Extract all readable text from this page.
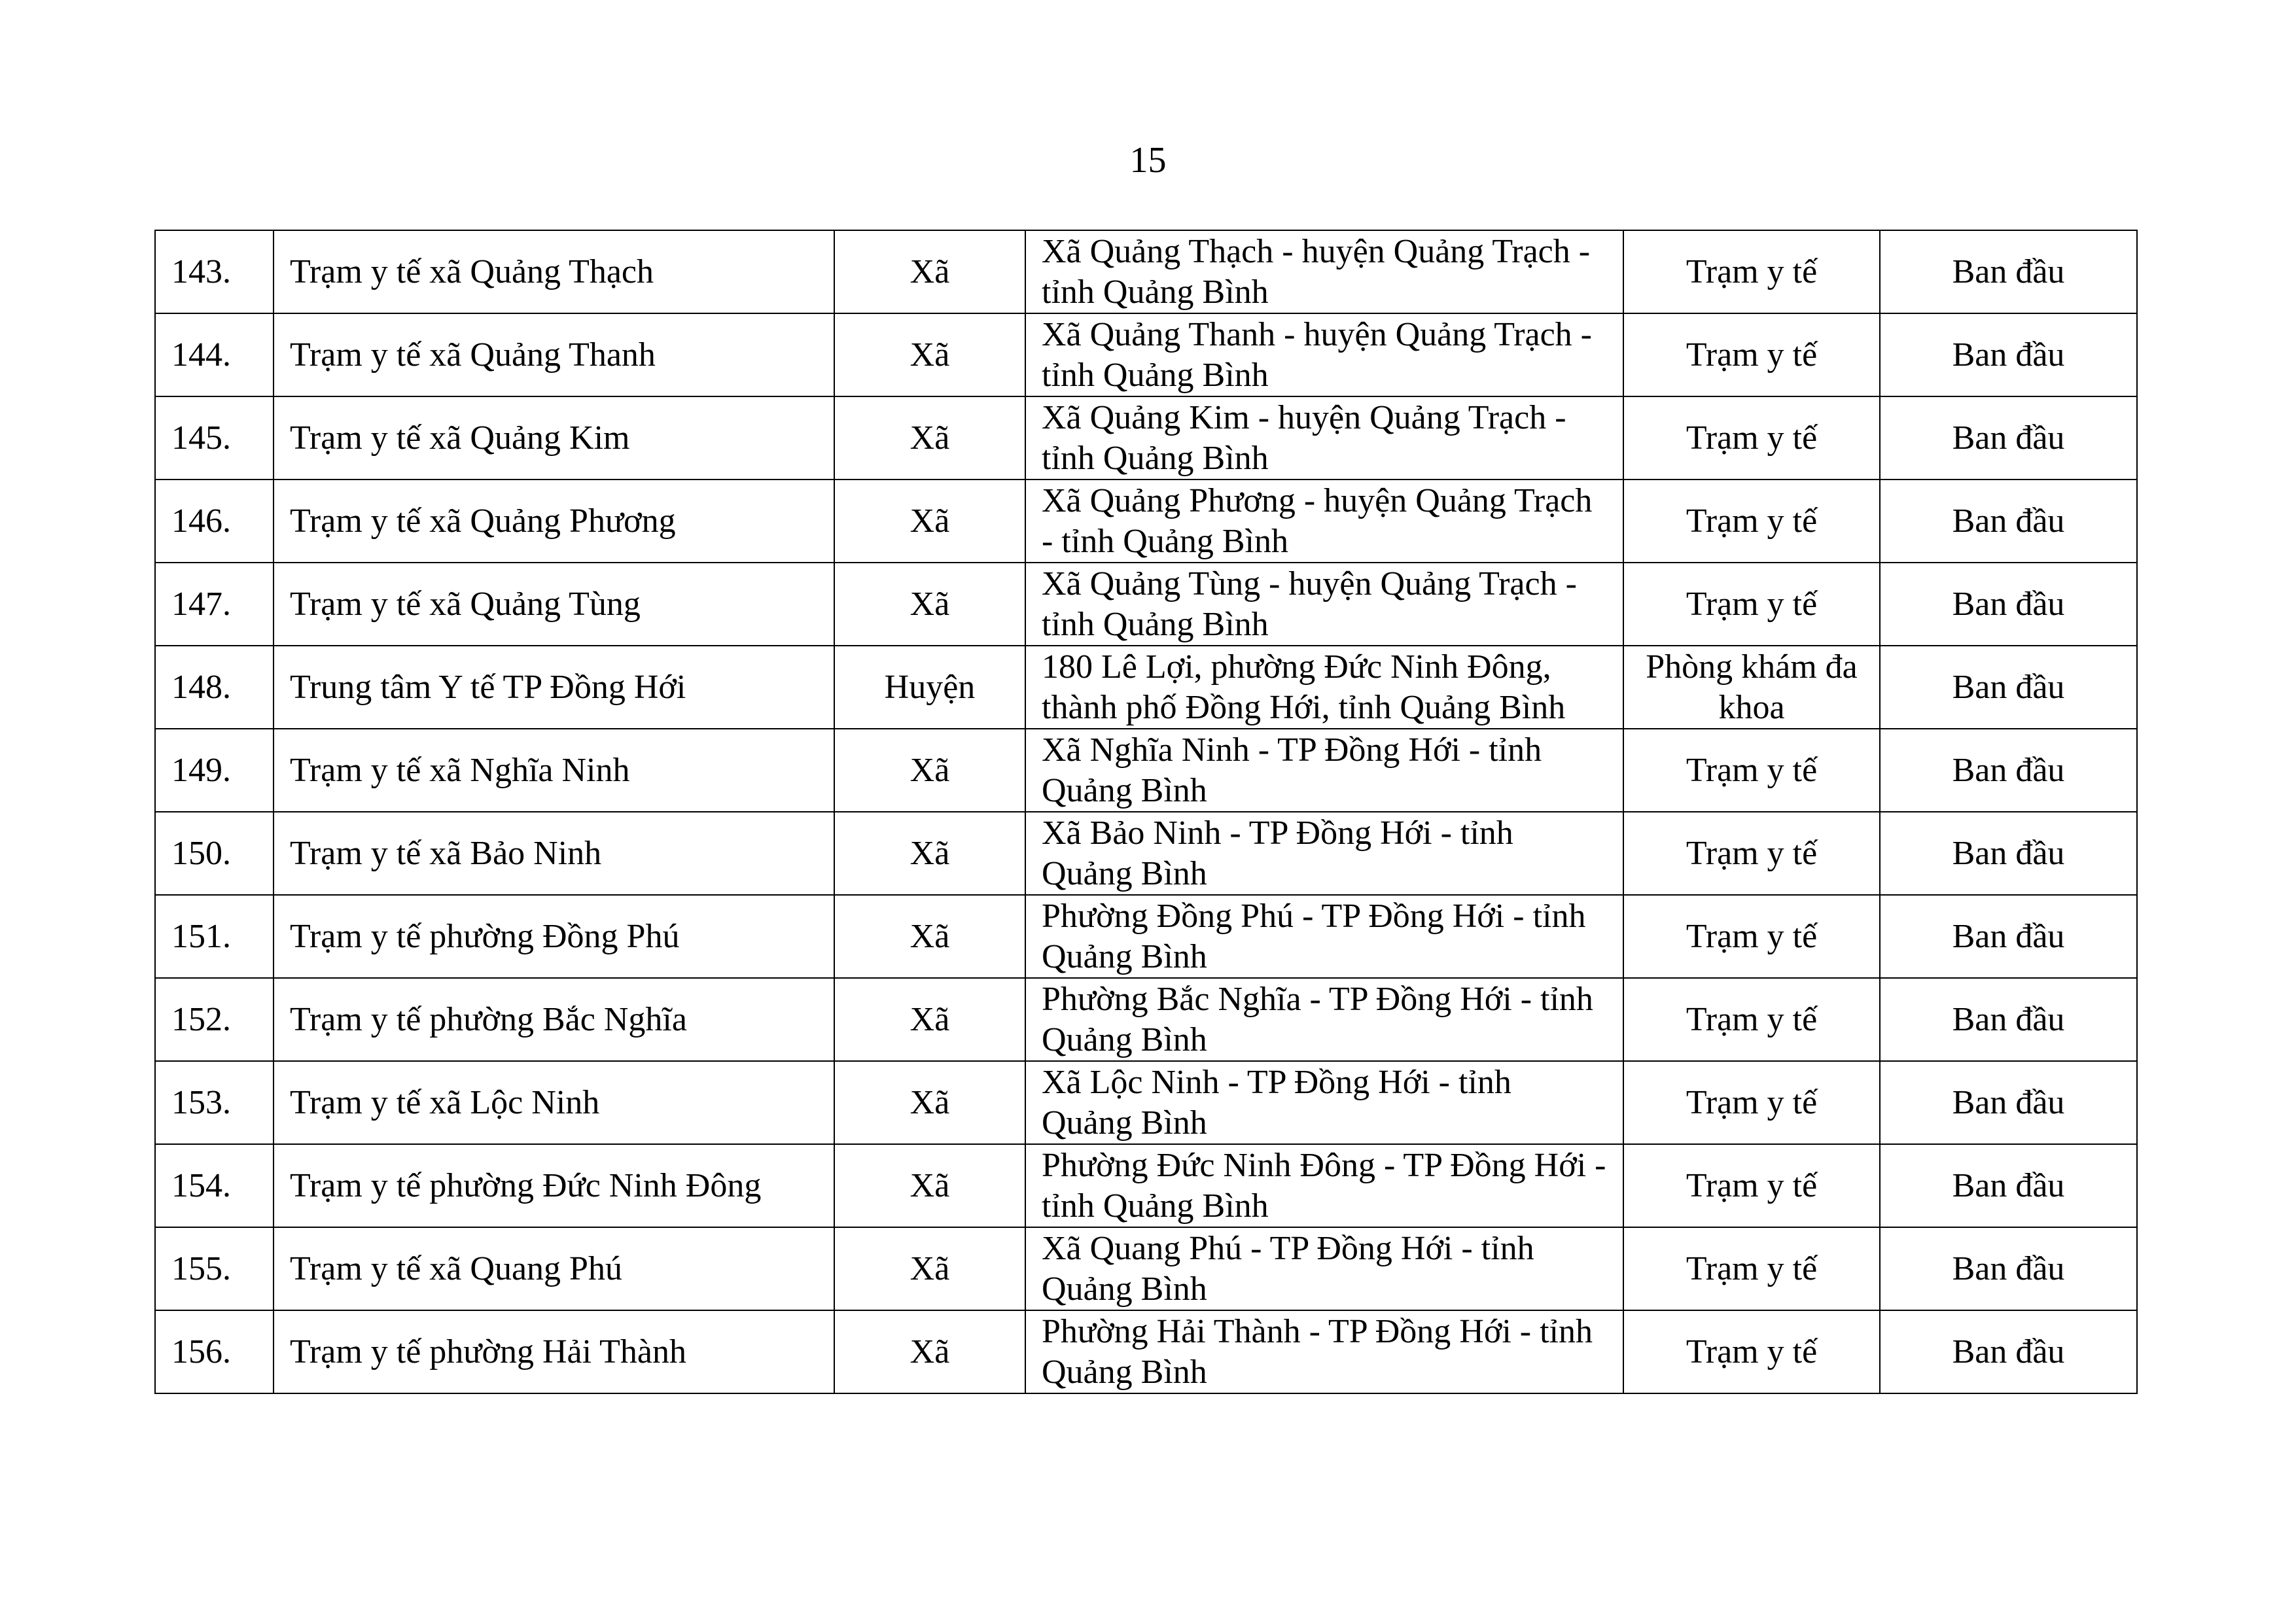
15
143.	Trạm y tế xã Quảng Thạch	Xã	Xã Quảng Thạch - huyện Quảng Trạch - tỉnh Quảng Bình	Trạm y tế	Ban đầu
144.	Trạm y tế xã Quảng Thanh	Xã	Xã Quảng Thanh - huyện Quảng Trạch - tỉnh Quảng Bình	Trạm y tế	Ban đầu
145.	Trạm y tế xã Quảng Kim	Xã	Xã Quảng Kim - huyện Quảng Trạch - tỉnh Quảng Bình	Trạm y tế	Ban đầu
146.	Trạm y tế xã Quảng Phương	Xã	Xã Quảng Phương - huyện Quảng Trạch - tỉnh Quảng Bình	Trạm y tế	Ban đầu
147.	Trạm y tế xã Quảng Tùng	Xã	Xã Quảng Tùng - huyện Quảng Trạch - tỉnh Quảng Bình	Trạm y tế	Ban đầu
148.	Trung tâm Y tế TP Đồng Hới	Huyện	180 Lê Lợi, phường Đức Ninh Đông, thành phố Đồng Hới, tỉnh Quảng Bình	Phòng khám đa khoa	Ban đầu
149.	Trạm y tế xã Nghĩa Ninh	Xã	Xã Nghĩa Ninh - TP Đồng Hới - tỉnh Quảng Bình	Trạm y tế	Ban đầu
150.	Trạm y tế xã Bảo Ninh	Xã	Xã Bảo Ninh - TP Đồng Hới - tỉnh Quảng Bình	Trạm y tế	Ban đầu
151.	Trạm y tế phường Đồng Phú	Xã	Phường Đồng Phú - TP Đồng Hới - tỉnh Quảng Bình	Trạm y tế	Ban đầu
152.	Trạm y tế phường Bắc Nghĩa	Xã	Phường Bắc Nghĩa - TP Đồng Hới - tỉnh Quảng Bình	Trạm y tế	Ban đầu
153.	Trạm y tế xã Lộc Ninh	Xã	Xã Lộc Ninh - TP Đồng Hới - tỉnh Quảng Bình	Trạm y tế	Ban đầu
154.	Trạm y tế phường Đức Ninh Đông	Xã	Phường Đức Ninh Đông - TP Đồng Hới - tỉnh Quảng Bình	Trạm y tế	Ban đầu
155.	Trạm y tế xã Quang Phú	Xã	Xã Quang Phú - TP Đồng Hới - tỉnh Quảng Bình	Trạm y tế	Ban đầu
156.	Trạm y tế phường Hải Thành	Xã	Phường Hải Thành - TP Đồng Hới - tỉnh Quảng Bình	Trạm y tế	Ban đầu
